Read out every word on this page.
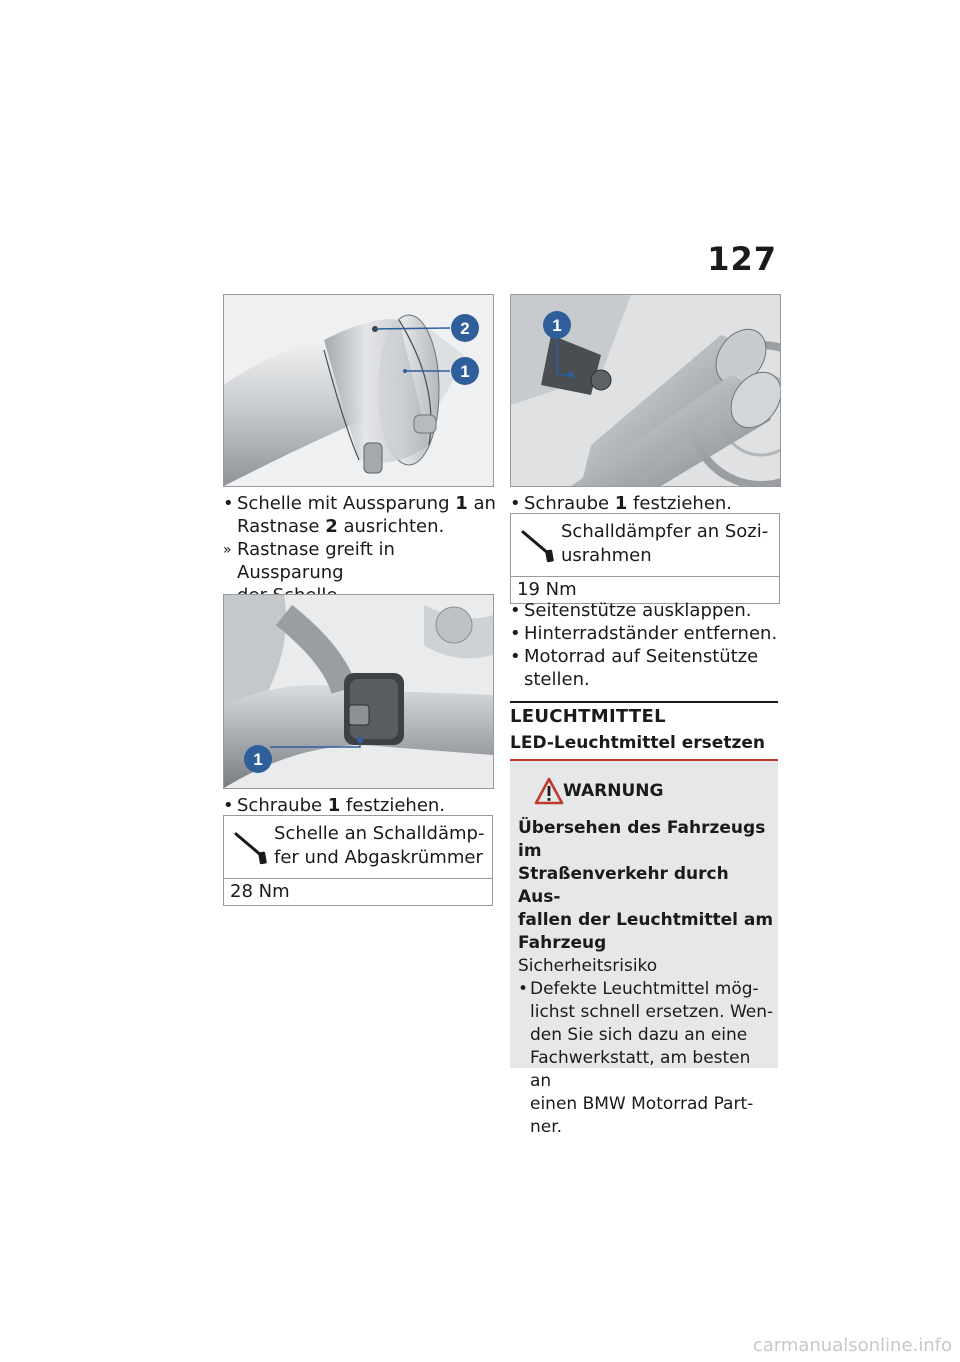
127
2
1
• Schelle mit Aussparung 1 an
Rastnase 2 ausrichten.
» Rastnase greift in Aussparung
1
• Schraube 1 festziehen.
Schelle an Schalldämp-
fer und Abgaskrümmer
28 Nm
1
• Schraube 1 festziehen.
Schalldämpfer an Sozi-
usrahmen
19 Nm
• Seitenstütze ausklappen.
• Hinterradständer entfernen.
• Motorrad auf Seitenstütze
stellen.
LEUCHTMITTEL
LED-Leuchtmittel ersetzen
WARNUNG
Übersehen des Fahrzeugs im
Straßenverkehr durch Aus-
fallen der Leuchtmittel am
Fahrzeug
Sicherheitsrisiko
• Defekte Leuchtmittel mög-
lichst schnell ersetzen. Wen-
den Sie sich dazu an eine
Fachwerkstatt, am besten an
einen BMW Motorrad Part-
ner.
carmanualsonline.info
